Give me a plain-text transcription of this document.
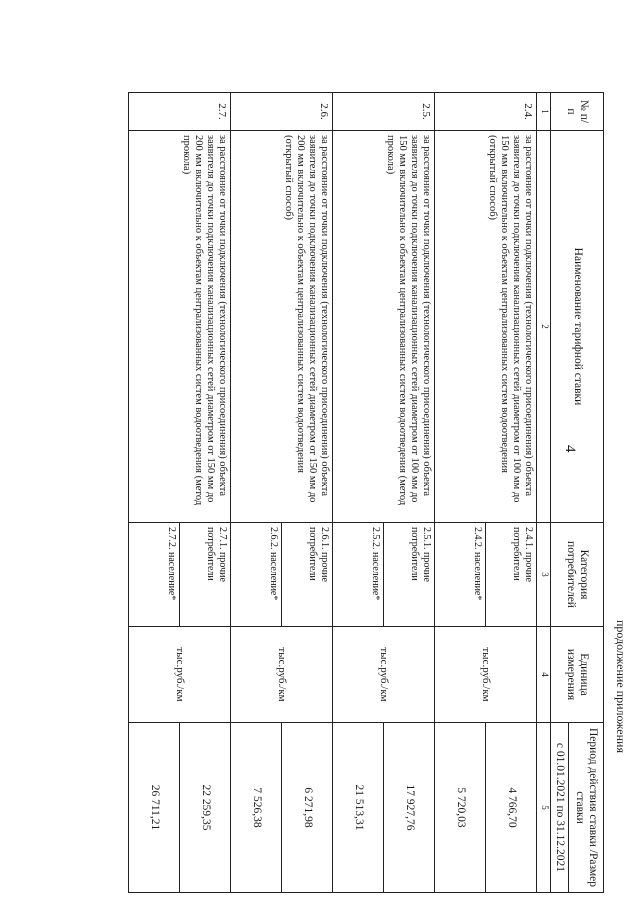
4
продолжение приложения
№ п/п	Наименование тарифной ставки	Категория потребителей	Единица измерения	Период действия ставки /Размер ставки
с 01.01.2021 по 31.12.2021

1	2	3	4	5
2.4.	за расстояние от точки подключения (технологического присоединения) объекта заявителя до точки подключения канализационных сетей диаметром от 100 мм до 150 мм включительно к объектам централизованных систем водоотведения (открытый способ)	2.4.1. прочие потребители	тыс.руб./км	4 766,70
		2.4.2. население*		5 720,03
2.5.	за расстояние от точки подключения (технологического присоединения) объекта заявителя до точки подключения канализационных сетей диаметром от 100 мм до 150 мм включительно к объектам централизованных систем водоотведения (метод прокола)	2.5.1. прочие потребители	тыс.руб./км	17 927,76
		2.5.2. население*		21 513,31
2.6.	за расстояние от точки подключения (технологического присоединения) объекта заявителя до точки подключения канализационных сетей диаметром от 150 мм до 200 мм включительно к объектам централизованных систем водоотведения (открытый способ)	2.6.1. прочие потребители	тыс.руб./км	6 271,98
		2.6.2. население*		7 526,38
2.7.	за расстояние от точки подключения (технологического присоединения) объекта заявителя до точки подключения канализационных сетей диаметром от 150 мм до 200 мм включительно к объектам централизованных систем водоотведения (метод прокола)	2.7.1. прочие потребители	тыс.руб./км	22 259,35
		2.7.2. население*		26 711,21
